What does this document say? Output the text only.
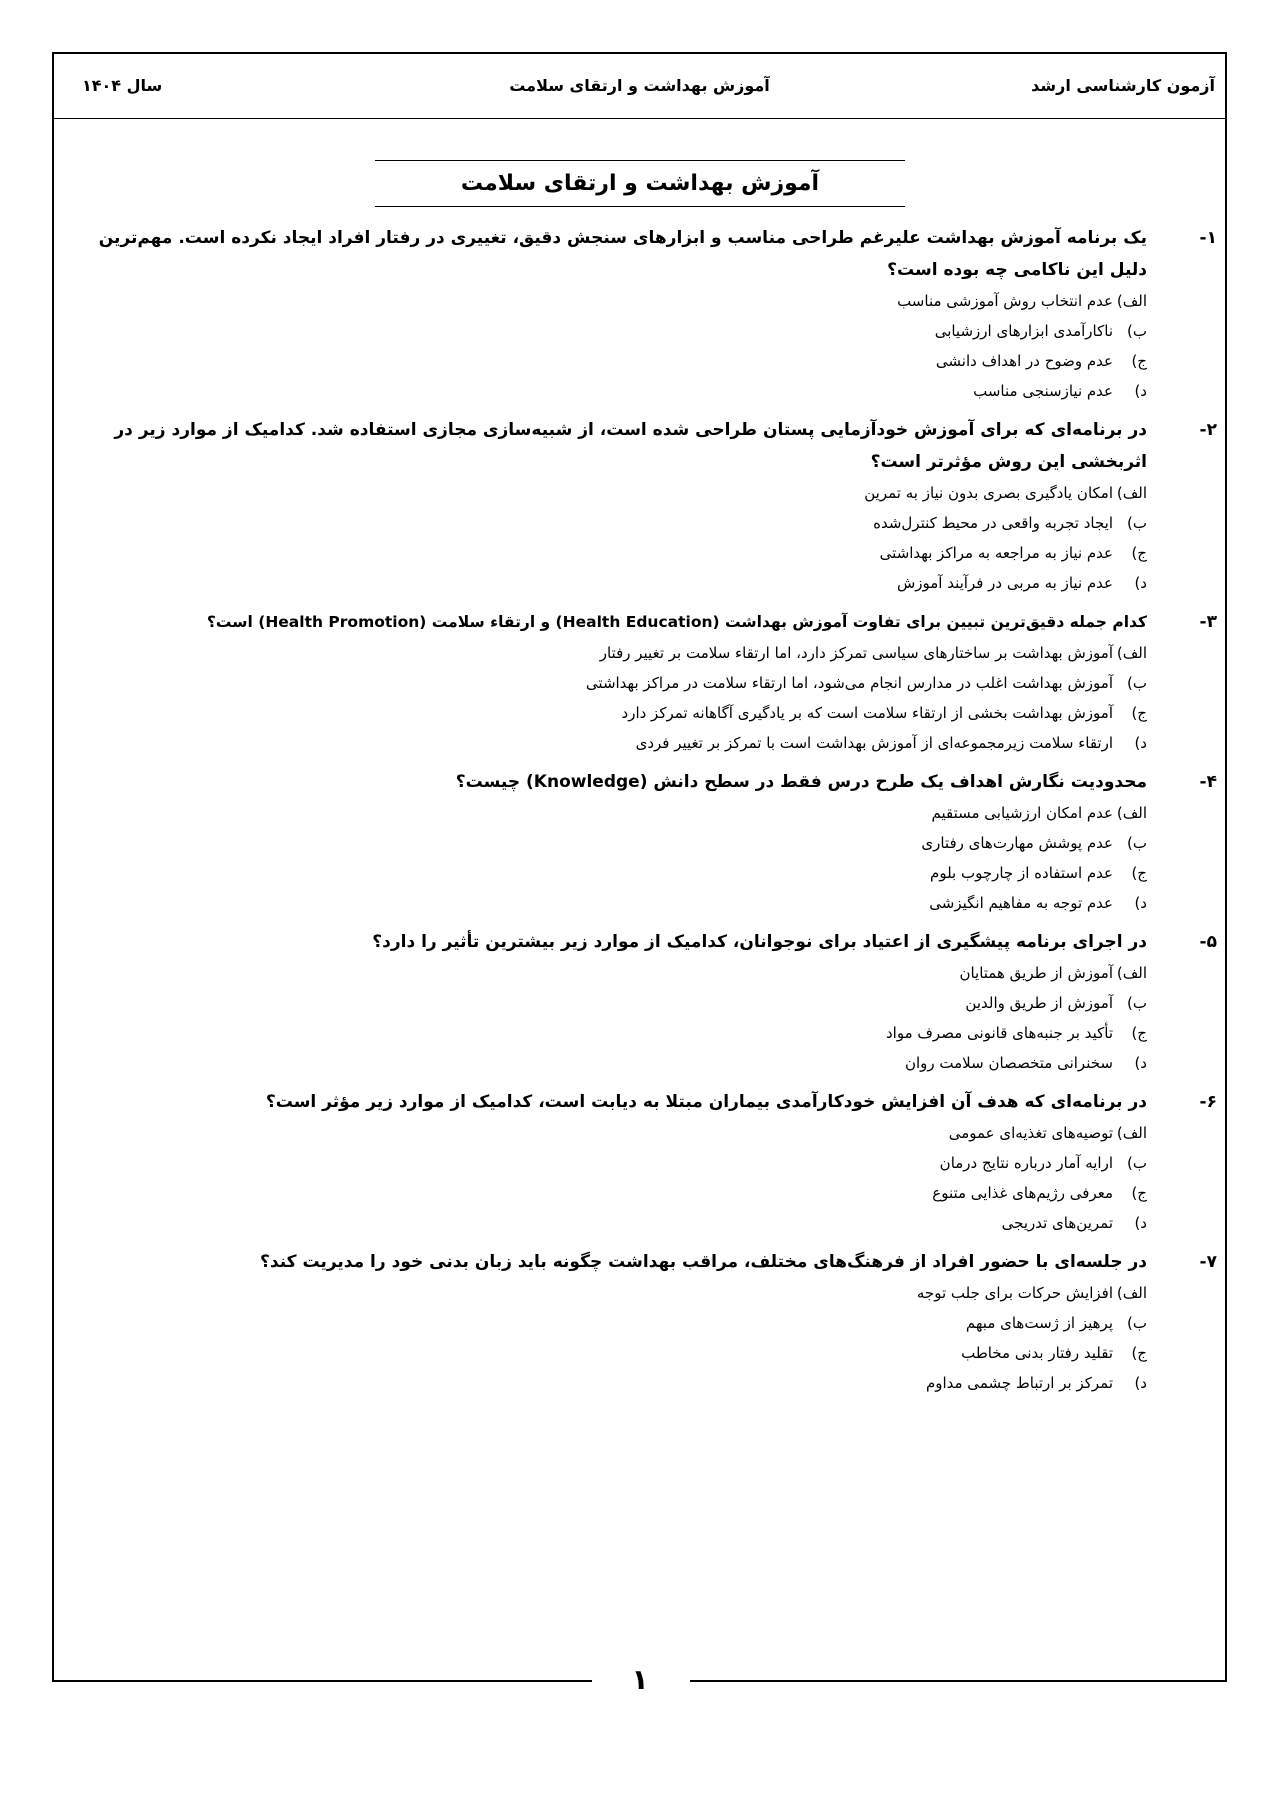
۱
آزمون کارشناسی ارشد
آموزش بهداشت و ارتقای سلامت
سال ۱۴۰۴
آموزش بهداشت و ارتقای سلامت
۱-
یک برنامه آموزش بهداشت علیرغم طراحی مناسب و ابزارهای سنجش دقیق، تغییری در رفتار افراد ایجاد نکرده است. مهم‌ترین دلیل این ناکامی چه بوده است؟
الف)
عدم انتخاب روش آموزشی مناسب
ب)
ناکارآمدی ابزارهای ارزشیابی
ج)
عدم وضوح در اهداف دانشی
د)
عدم نیازسنجی مناسب
۲-
در برنامه‌ای که برای آموزش خودآزمایی پستان طراحی شده است، از شبیه‌سازی مجازی استفاده شد. کدامیک از موارد زیر در اثربخشی این روش مؤثرتر است؟
الف)
امکان یادگیری بصری بدون نیاز به تمرین
ب)
ایجاد تجربه واقعی در محیط کنترل‌شده
ج)
عدم نیاز به مراجعه به مراکز بهداشتی
د)
عدم نیاز به مربی در فرآیند آموزش
۳-
کدام جمله دقیق‌ترین تبیین برای تفاوت آموزش بهداشت (Health Education) و ارتقاء سلامت (Health Promotion) است؟
الف)
آموزش بهداشت بر ساختارهای سیاسی تمرکز دارد، اما ارتقاء سلامت بر تغییر رفتار
ب)
آموزش بهداشت اغلب در مدارس انجام می‌شود، اما ارتقاء سلامت در مراکز بهداشتی
ج)
آموزش بهداشت بخشی از ارتقاء سلامت است که بر یادگیری آگاهانه تمرکز دارد
د)
ارتقاء سلامت زیرمجموعه‌ای از آموزش بهداشت است با تمرکز بر تغییر فردی
۴-
محدودیت نگارش اهداف یک طرح درس فقط در سطح دانش (Knowledge) چیست؟
الف)
عدم امکان ارزشیابی مستقیم
ب)
عدم پوشش مهارت‌های رفتاری
ج)
عدم استفاده از چارچوب بلوم
د)
عدم توجه به مفاهیم انگیزشی
۵-
در اجرای برنامه پیشگیری از اعتیاد برای نوجوانان، کدامیک از موارد زیر بیشترین تأثیر را دارد؟
الف)
آموزش از طریق همتایان
ب)
آموزش از طریق والدین
ج)
تأکید بر جنبه‌های قانونی مصرف مواد
د)
سخنرانی متخصصان سلامت روان
۶-
در برنامه‌ای که هدف آن افزایش خودکارآمدی بیماران مبتلا به دیابت است، کدامیک از موارد زیر مؤثر است؟
الف)
توصیه‌های تغذیه‌ای عمومی
ب)
ارایه آمار درباره نتایج درمان
ج)
معرفی رژیم‌های غذایی متنوع
د)
تمرین‌های تدریجی
۷-
در جلسه‌ای با حضور افراد از فرهنگ‌های مختلف، مراقب بهداشت چگونه باید زبان بدنی خود را مدیریت کند؟
الف)
افزایش حرکات برای جلب توجه
ب)
پرهیز از ژست‌های مبهم
ج)
تقلید رفتار بدنی مخاطب
د)
تمرکز بر ارتباط چشمی مداوم
